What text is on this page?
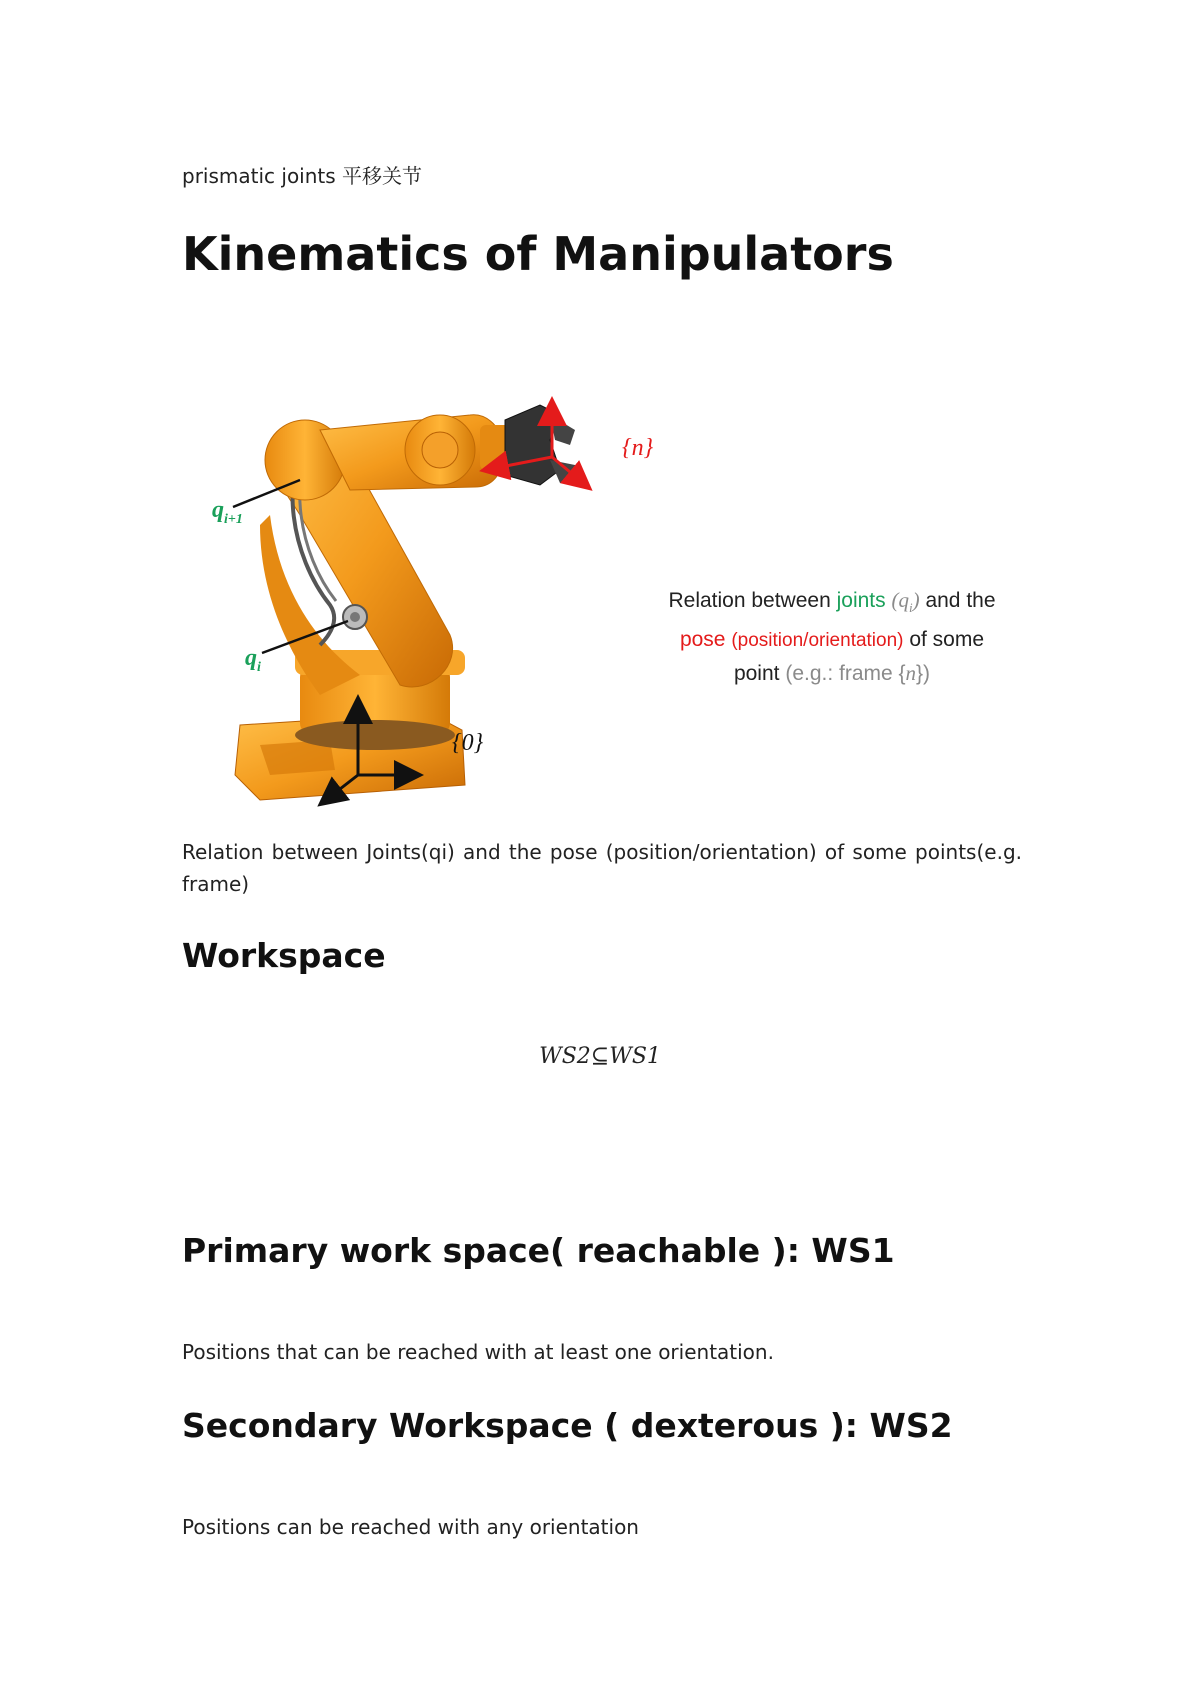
prismatic joints 平移关节
Kinematics of Manipulators
$q_{i+1}$
$q_i$
{n}
{0}
Relation between joints $(q_i)$ and the
pose (position/orientation) of some
point (e.g.: frame {n})
Relation between Joints(qi) and the pose (position/orientation) of some points(e.g. frame)
Workspace
WS2⊆WS1
Primary work space( reachable ): WS1
Positions that can be reached with at least one orientation.
Secondary Workspace ( dexterous ): WS2
Positions can be reached with any orientation
